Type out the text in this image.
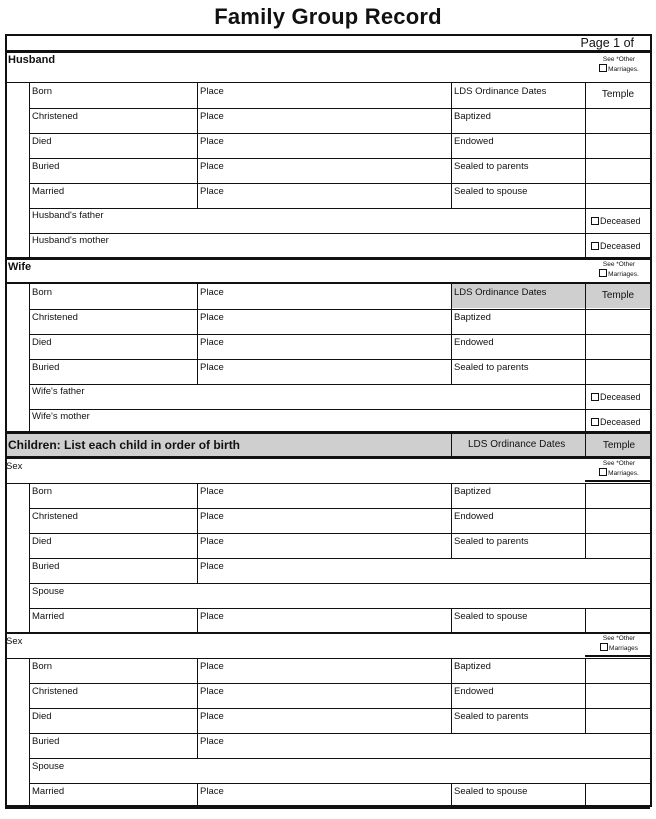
Family Group Record
Page 1 of
Husband	See *Other
Marriages.
Born	Place	LDS Ordinance Dates	Temple
Christened	Place	Baptized
Died	Place	Endowed
Buried	Place	Sealed to parents
Married	Place	Sealed to spouse
Husband's father	Deceased
Husband's mother	Deceased
Wife	See *Other
Marriages.
Born	Place	LDS Ordinance Dates	Temple
Christened	Place	Baptized
Died	Place	Endowed
Buried	Place	Sealed to parents
Wife's father	Deceased
Wife's mother	Deceased
Children: List each child in order of birth	LDS Ordinance Dates	Temple
Sex	See *Other
Marriages.
Born	Place	Baptized
Christened	Place	Endowed
Died	Place	Sealed to parents
Buried	Place
Spouse
Married	Place	Sealed to spouse
Sex	See *Other
Marriages
Born	Place	Baptized
Christened	Place	Endowed
Died	Place	Sealed to parents
Buried	Place
Spouse
Married	Place	Sealed to spouse
